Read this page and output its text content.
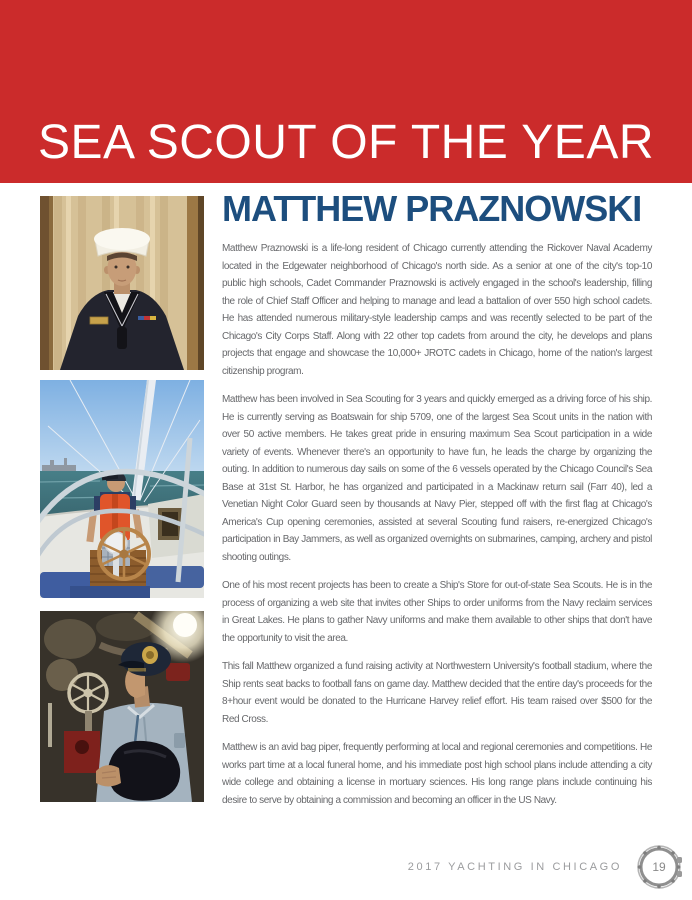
SEA SCOUT OF THE YEAR
MATTHEW PRAZNOWSKI

Matthew Praznowski is a life-long resident of Chicago currently attending the Rickover Naval Academy located in the Edgewater neighborhood of Chicago's north side. As a senior at one of the city's top-10 public high schools, Cadet Commander Praznowski is actively engaged in the school's leadership, filling the role of Chief Staff Officer and helping to manage and lead a battalion of over 550 high school cadets. He has attended numerous military-style leadership camps and was recently selected to be part of the Chicago's City Corps Staff. Along with 22 other top cadets from around the city, he develops and plans projects that engage and showcase the 10,000+ JROTC cadets in Chicago, home of the nation's largest citizenship program.

Matthew has been involved in Sea Scouting for 3 years and quickly emerged as a driving force of his ship. He is currently serving as Boatswain for ship 5709, one of the largest Sea Scout units in the nation with over 50 active members. He takes great pride in ensuring maximum Sea Scout participation in a wide variety of events. Whenever there's an opportunity to have fun, he leads the charge by organizing the outing. In addition to numerous day sails on some of the 6 vessels operated by the Chicago Council's Sea Base at 31st St. Harbor, he has organized and participated in a Mackinaw return sail (Farr 40), led a Venetian Night Color Guard seen by thousands at Navy Pier, stepped off with the first flag at Chicago's America's Cup opening ceremonies, assisted at several Scouting fund raisers, re-energized Chicago's participation in Bay Jammers, as well as organized overnights on submarines, camping, archery and pistol shooting outings.

One of his most recent projects has been to create a Ship's Store for out-of-state Sea Scouts. He is in the process of organizing a web site that invites other Ships to order uniforms from the Navy reclaim services in Great Lakes. He plans to gather Navy uniforms and make them available to other ships that don't have the opportunity to visit the area.

This fall Matthew organized a fund raising activity at Northwestern University's football stadium, where the Ship rents seat backs to football fans on game day. Matthew decided that the entire day's proceeds for the 8+hour event would be donated to the Hurricane Harvey relief effort. His team raised over $500 for the Red Cross.

Matthew is an avid bag piper, frequently performing at local and regional ceremonies and competitions. He works part time at a local funeral home, and his immediate post high school plans include attending a city wide college and obtaining a license in mortuary sciences. His long range plans include continuing his desire to serve by obtaining a commission and becoming an officer in the US Navy.

2017 YACHTING IN CHICAGO	19
